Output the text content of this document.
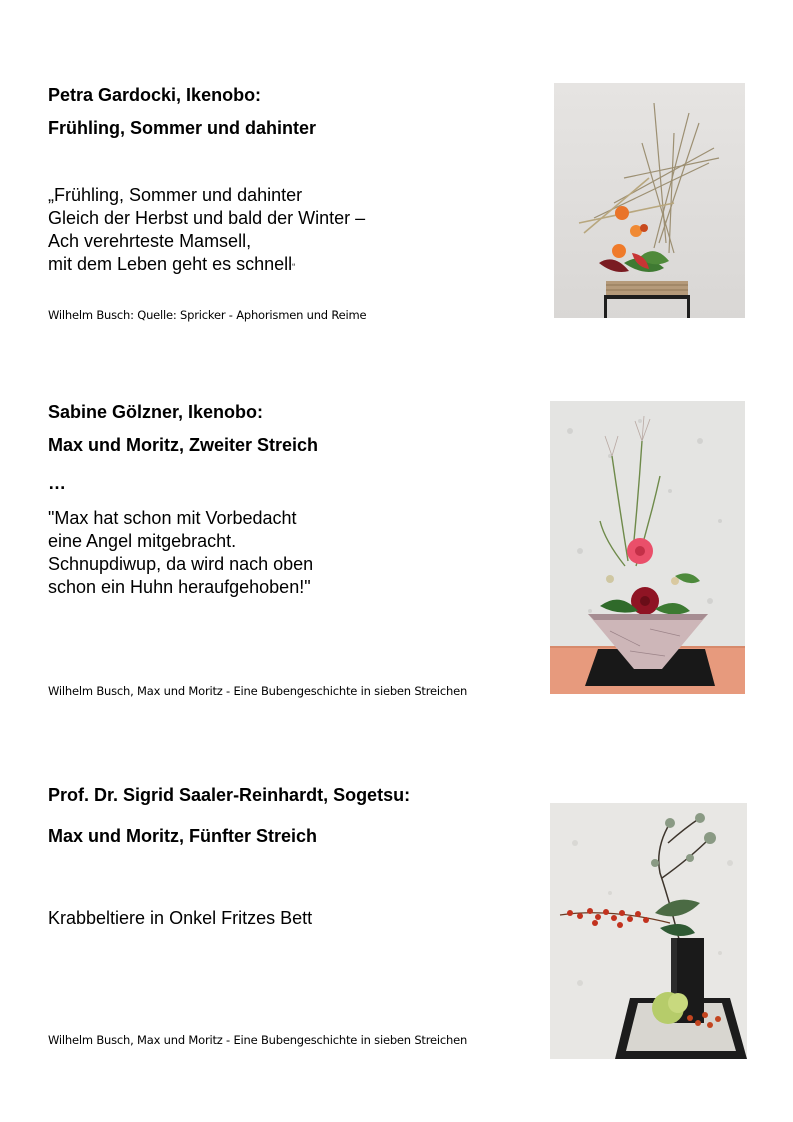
Petra Gardocki, Ikenobo:
Frühling, Sommer und dahinter
„Frühling, Sommer und dahinter
Gleich der Herbst und bald der Winter –
Ach verehrteste Mamsell,
mit dem Leben geht es schnell“
Wilhelm Busch: Quelle: Spricker - Aphorismen und Reime
Sabine Gölzner, Ikenobo:
Max und Moritz, Zweiter Streich
…
"Max hat schon mit Vorbedacht
eine Angel mitgebracht.
Schnupdiwup, da wird nach oben
schon ein Huhn heraufgehoben!"
Wilhelm Busch, Max und Moritz - Eine Bubengeschichte in sieben Streichen
Prof. Dr. Sigrid Saaler-Reinhardt, Sogetsu:
Max und Moritz, Fünfter Streich
Krabbeltiere in Onkel Fritzes Bett
Wilhelm Busch, Max und Moritz - Eine Bubengeschichte in sieben Streichen
